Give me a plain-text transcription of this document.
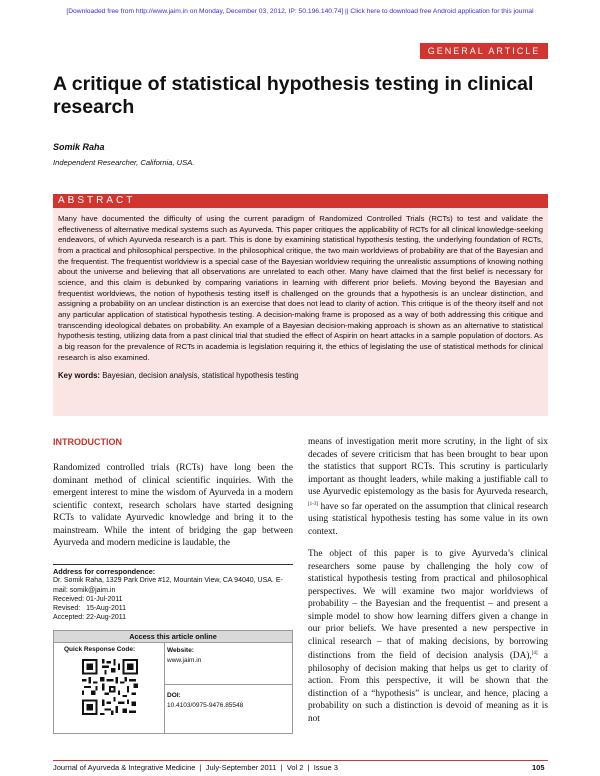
[Downloaded free from http://www.jaim.in on Monday, December 03, 2012, IP: 50.196.140.74] || Click here to download free Android application for this journal
GENERAL ARTICLE
A critique of statistical hypothesis testing in clinical research
Somik Raha
Independent Researcher, California, USA.
ABSTRACT

Many have documented the difficulty of using the current paradigm of Randomized Controlled Trials (RCTs) to test and validate the effectiveness of alternative medical systems such as Ayurveda. This paper critiques the applicability of RCTs for all clinical knowledge-seeking endeavors, of which Ayurveda research is a part. This is done by examining statistical hypothesis testing, the underlying foundation of RCTs, from a practical and philosophical perspective. In the philosophical critique, the two main worldviews of probability are that of the Bayesian and the frequentist. The frequentist worldview is a special case of the Bayesian worldview requiring the unrealistic assumptions of knowing nothing about the universe and believing that all observations are unrelated to each other. Many have claimed that the first belief is necessary for science, and this claim is debunked by comparing variations in learning with different prior beliefs. Moving beyond the Bayesian and frequentist worldviews, the notion of hypothesis testing itself is challenged on the grounds that a hypothesis is an unclear distinction, and assigning a probability on an unclear distinction is an exercise that does not lead to clarity of action. This critique is of the theory itself and not any particular application of statistical hypothesis testing. A decision-making frame is proposed as a way of both addressing this critique and transcending ideological debates on probability. An example of a Bayesian decision-making approach is shown as an alternative to statistical hypothesis testing, utilizing data from a past clinical trial that studied the effect of Aspirin on heart attacks in a sample population of doctors. As a big reason for the prevalence of RCTs in academia is legislation requiring it, the ethics of legislating the use of statistical methods for clinical research is also examined.

Key words: Bayesian, decision analysis, statistical hypothesis testing
INTRODUCTION
Randomized controlled trials (RCTs) have long been the dominant method of clinical scientific inquiries. With the emergent interest to mine the wisdom of Ayurveda in a modern scientific context, research scholars have started designing RCTs to validate Ayurvedic knowledge and bring it to the mainstream. While the intent of bridging the gap between Ayurveda and modern medicine is laudable, the
means of investigation merit more scrutiny, in the light of six decades of severe criticism that has been brought to bear upon the statistics that support RCTs. This scrutiny is particularly important as thought leaders, while making a justifiable call to use Ayurvedic epistemology as the basis for Ayurveda research,[1-3] have so far operated on the assumption that clinical research using statistical hypothesis testing has some value in its own context.
The object of this paper is to give Ayurveda’s clinical researchers some pause by challenging the holy cow of statistical hypothesis testing from practical and philosophical perspectives. We will examine two major worldviews of probability – the Bayesian and the frequentist – and present a simple model to show how learning differs given a change in our prior beliefs. We have presented a new perspective in clinical research – that of making decisions, by borrowing distinctions from the field of decision analysis (DA),[4] a philosophy of decision making that helps us get to clarity of action. From this perspective, it will be shown that the distinction of a “hypothesis” is unclear, and hence, placing a probability on such a distinction is devoid of meaning as it is not
Address for correspondence:
Dr. Somik Raha, 1329 Park Drive #12, Mountain View, CA 94040, USA. E-mail: somik@jaim.in
Received: 01-Jul-2011
Revised:   15-Aug-2011
Accepted: 22-Aug-2011
Access this article online
Quick Response Code:	Website:
www.jaim.in
DOI:
10.4103/0975-9476.85548
Journal of Ayurveda & Integrative Medicine  |  July-September 2011  |  Vol 2  |  Issue 3	105
